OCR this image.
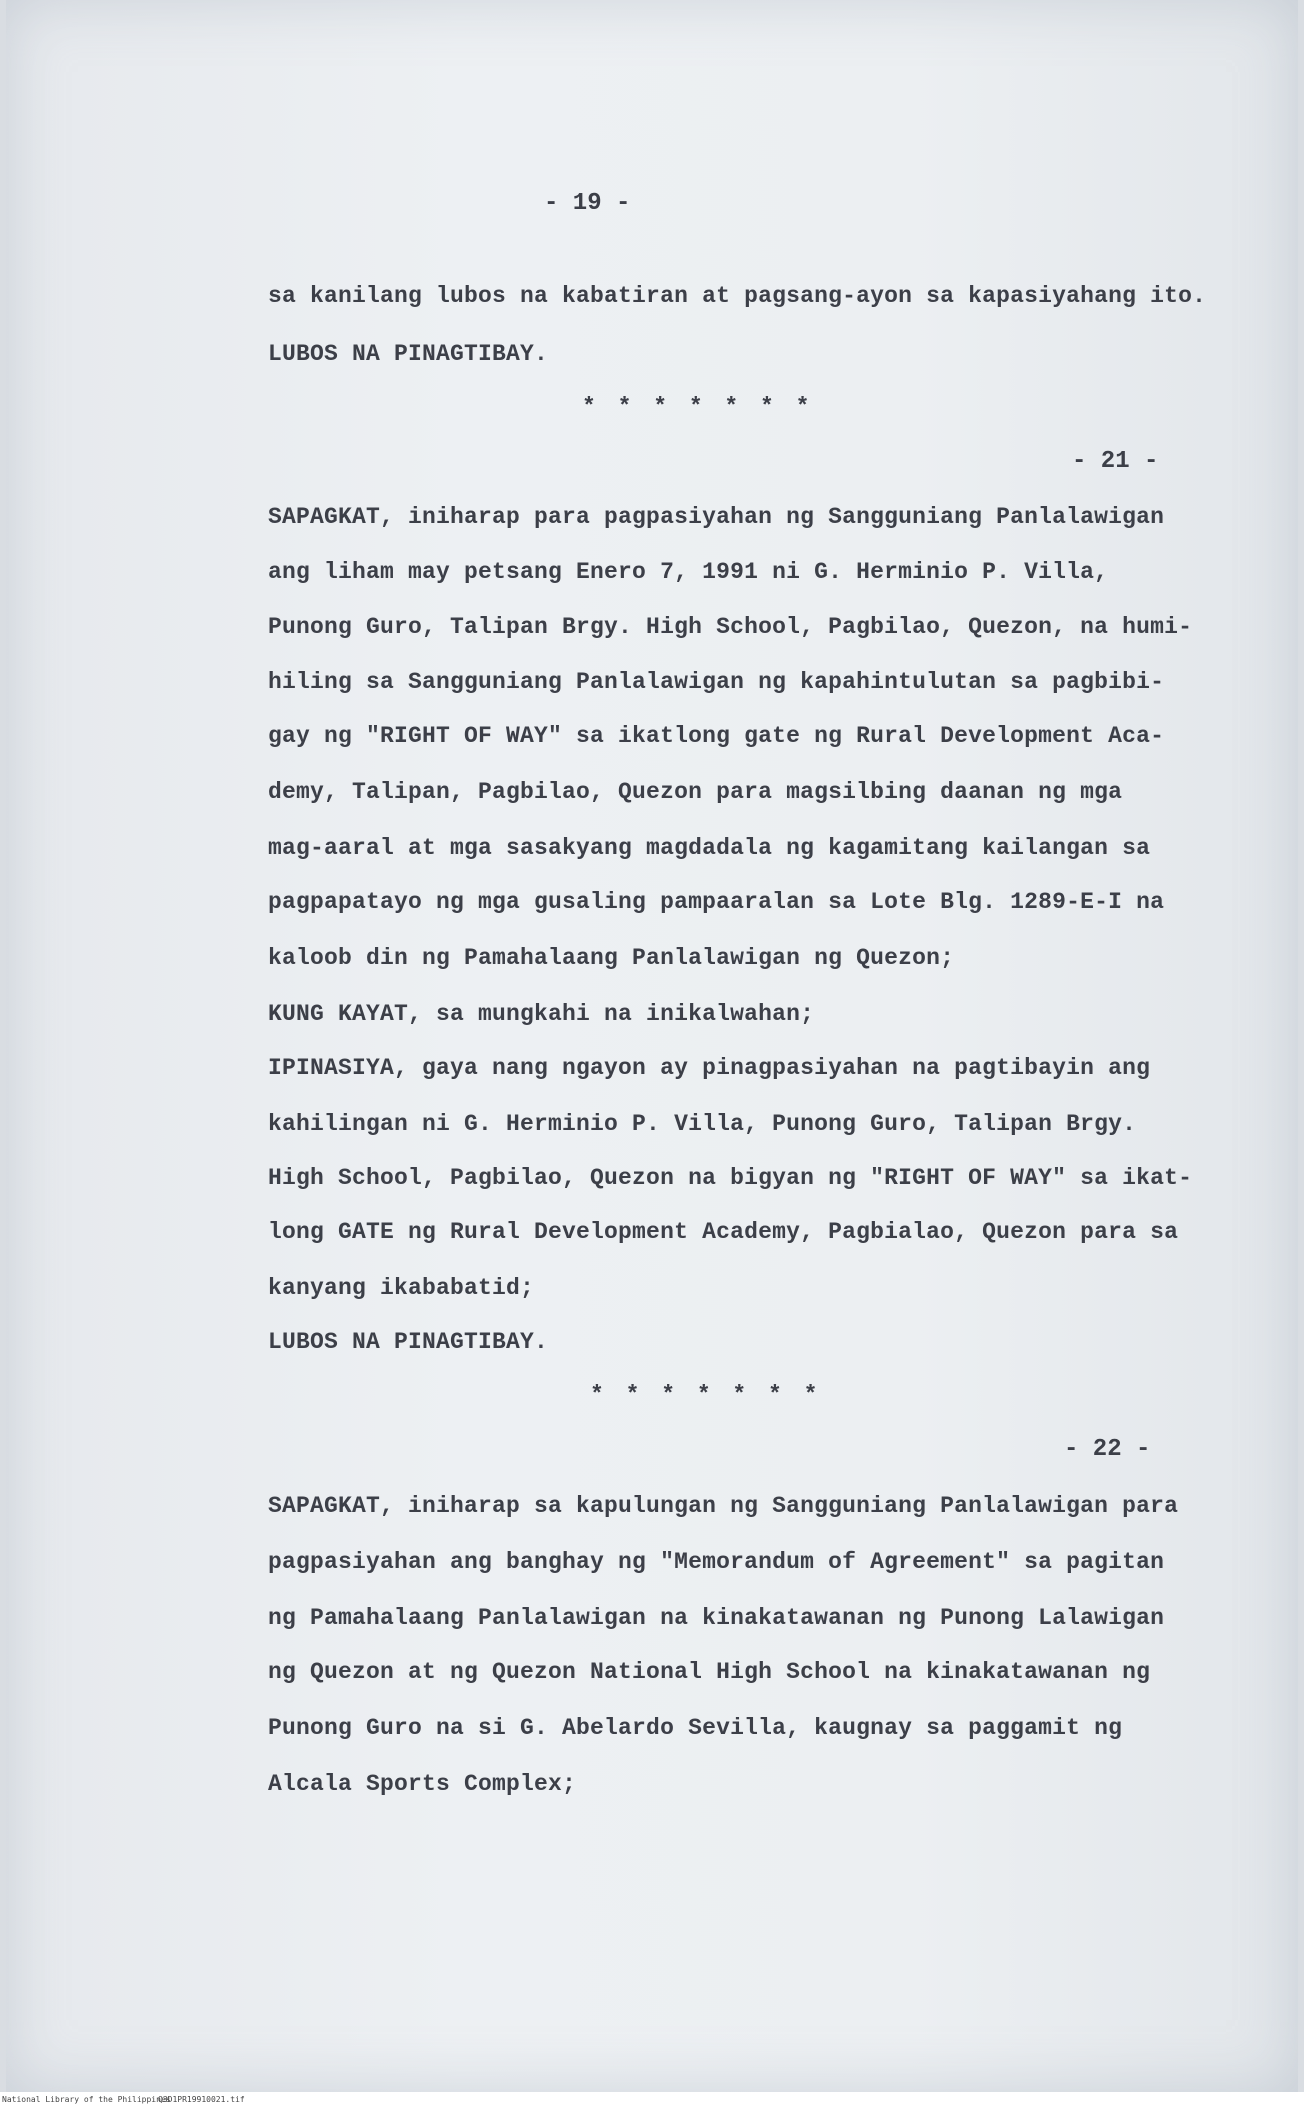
- 19 -
sa kanilang lubos na kabatiran at pagsang-ayon sa kapasiyahang ito.
LUBOS NA PINAGTIBAY.
* * * * * * *
- 21 -
SAPAGKAT, iniharap para pagpasiyahan ng Sangguniang Panlalawigan
ang liham may petsang Enero 7, 1991 ni G. Herminio P. Villa,
Punong Guro, Talipan Brgy. High School, Pagbilao, Quezon, na humi-
hiling sa Sangguniang Panlalawigan ng kapahintulutan sa pagbibi-
gay ng "RIGHT OF WAY" sa ikatlong gate ng Rural Development Aca-
demy, Talipan, Pagbilao, Quezon para magsilbing daanan ng mga
mag-aaral at mga sasakyang magdadala ng kagamitang kailangan sa
pagpapatayo ng mga gusaling pampaaralan sa Lote Blg. 1289-E-I na
kaloob din ng Pamahalaang Panlalawigan ng Quezon;
KUNG KAYAT, sa mungkahi na inikalwahan;
IPINASIYA, gaya nang ngayon ay pinagpasiyahan na pagtibayin ang
kahilingan ni G. Herminio P. Villa, Punong Guro, Talipan Brgy.
High School, Pagbilao, Quezon na bigyan ng "RIGHT OF WAY" sa ikat-
long GATE ng Rural Development Academy, Pagbialao, Quezon para sa
kanyang ikababatid;
LUBOS NA PINAGTIBAY.
* * * * * * *
- 22 -
SAPAGKAT, iniharap sa kapulungan ng Sangguniang Panlalawigan para
pagpasiyahan ang banghay ng "Memorandum of Agreement" sa pagitan
ng Pamahalaang Panlalawigan na kinakatawanan ng Punong Lalawigan
ng Quezon at ng Quezon National High School na kinakatawanan ng
Punong Guro na si G. Abelardo Sevilla, kaugnay sa paggamit ng
Alcala Sports Complex;
National Library of the Philippines
Q3D1PR19910021.tif
